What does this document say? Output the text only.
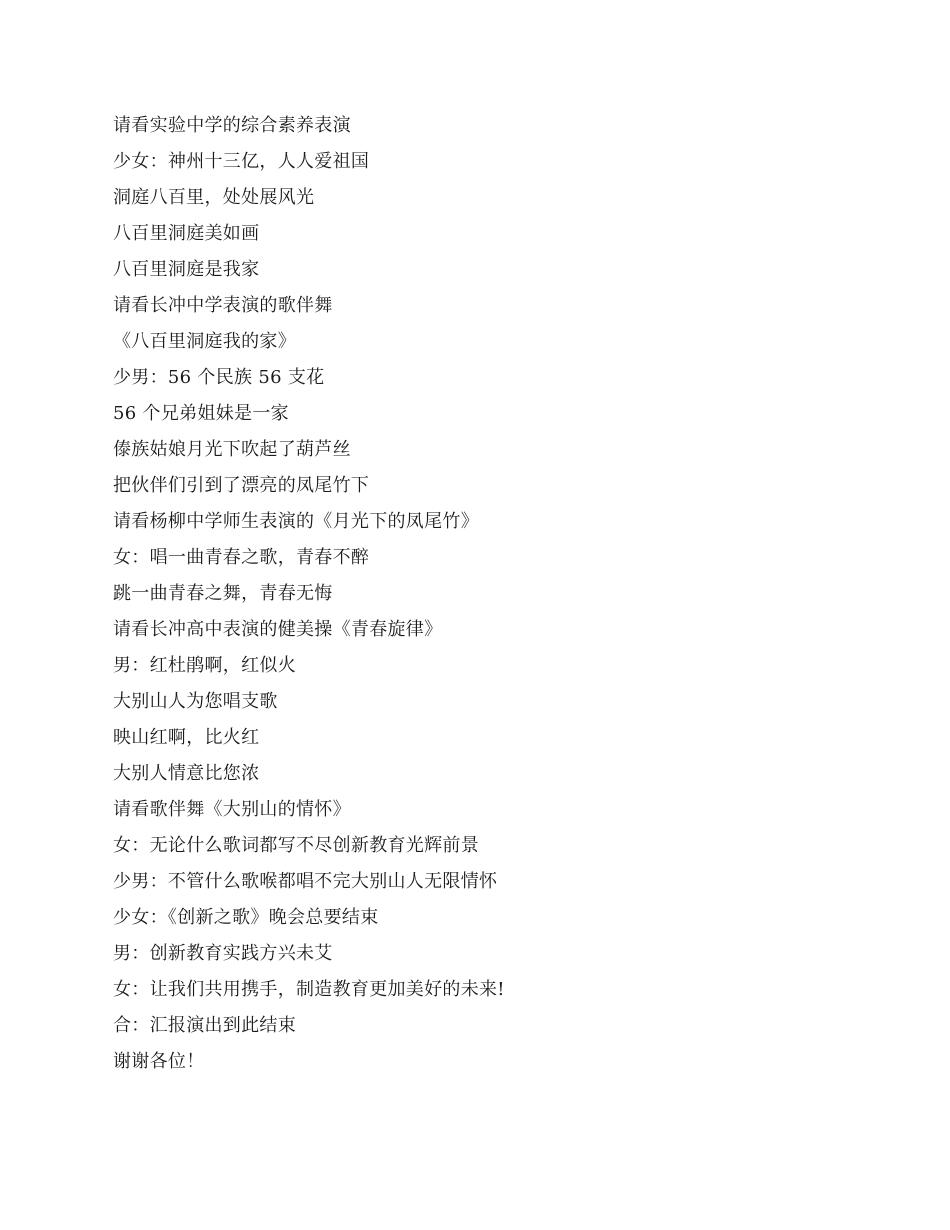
请看实验中学的综合素养表演
少女：神州十三亿，人人爱祖国
洞庭八百里，处处展风光
八百里洞庭美如画
八百里洞庭是我家
请看长冲中学表演的歌伴舞
《八百里洞庭我的家》
少男：56 个民族 56 支花
56 个兄弟姐妹是一家
傣族姑娘月光下吹起了葫芦丝
把伙伴们引到了漂亮的凤尾竹下
请看杨柳中学师生表演的《月光下的凤尾竹》
女：唱一曲青春之歌，青春不醉
跳一曲青春之舞，青春无悔
请看长冲高中表演的健美操《青春旋律》
男：红杜鹃啊，红似火
大别山人为您唱支歌
映山红啊，比火红
大别人情意比您浓
请看歌伴舞《大别山的情怀》
女：无论什么歌词都写不尽创新教育光辉前景
少男：不管什么歌喉都唱不完大别山人无限情怀
少女：《创新之歌》晚会总要结束
男：创新教育实践方兴未艾
女：让我们共用携手，制造教育更加美好的未来!
合：汇报演出到此结束
谢谢各位！
